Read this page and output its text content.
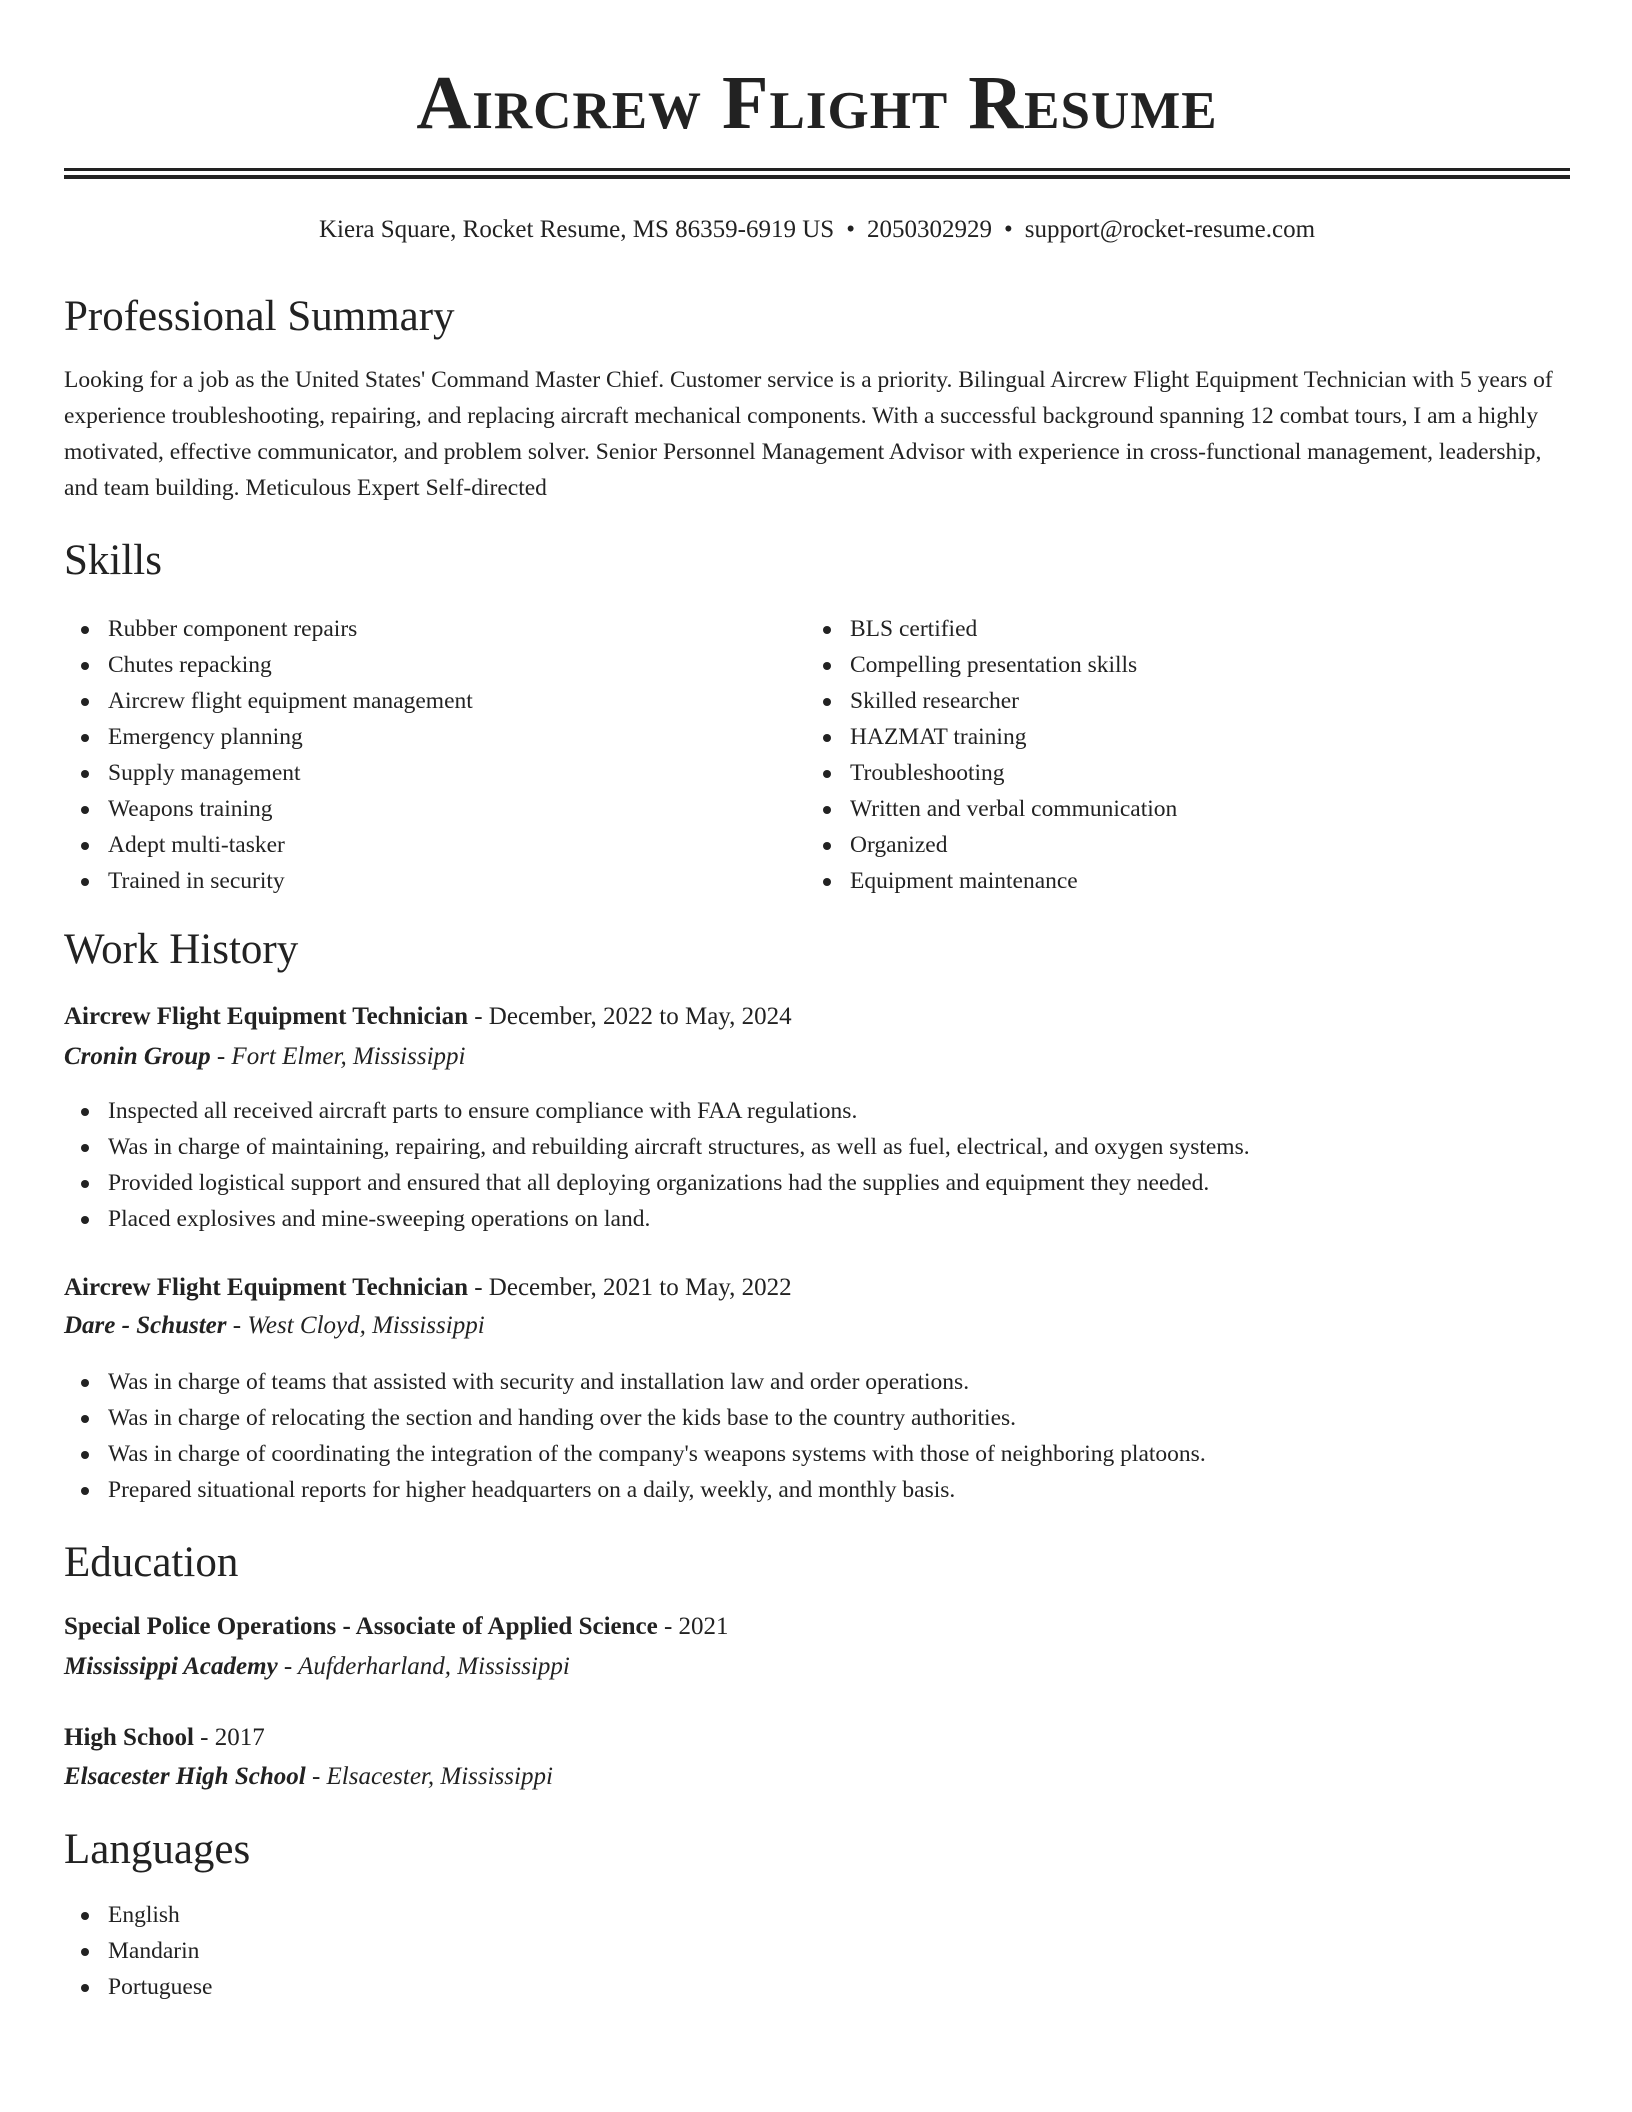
Aircrew Flight Resume
Kiera Square, Rocket Resume, MS 86359-6919 US • 2050302929 • support@rocket-resume.com
Professional Summary

Looking for a job as the United States' Command Master Chief. Customer service is a priority. Bilingual Aircrew Flight Equipment Technician with 5 years of experience troubleshooting, repairing, and replacing aircraft mechanical components. With a successful background spanning 12 combat tours, I am a highly motivated, effective communicator, and problem solver. Senior Personnel Management Advisor with experience in cross-functional management, leadership, and team building. Meticulous Expert Self-directed

Skills
Rubber component repairs
Chutes repacking
Aircrew flight equipment management
Emergency planning
Supply management
Weapons training
Adept multi-tasker
Trained in security
BLS certified
Compelling presentation skills
Skilled researcher
HAZMAT training
Troubleshooting
Written and verbal communication
Organized
Equipment maintenance
Work History
Aircrew Flight Equipment Technician - December, 2022 to May, 2024
Cronin Group - Fort Elmer, Mississippi
Inspected all received aircraft parts to ensure compliance with FAA regulations.
Was in charge of maintaining, repairing, and rebuilding aircraft structures, as well as fuel, electrical, and oxygen systems.
Provided logistical support and ensured that all deploying organizations had the supplies and equipment they needed.
Placed explosives and mine-sweeping operations on land.
Aircrew Flight Equipment Technician - December, 2021 to May, 2022
Dare - Schuster - West Cloyd, Mississippi
Was in charge of teams that assisted with security and installation law and order operations.
Was in charge of relocating the section and handing over the kids base to the country authorities.
Was in charge of coordinating the integration of the company's weapons systems with those of neighboring platoons.
Prepared situational reports for higher headquarters on a daily, weekly, and monthly basis.
Education
Special Police Operations - Associate of Applied Science - 2021
Mississippi Academy - Aufderharland, Mississippi
High School - 2017
Elsacester High School - Elsacester, Mississippi
Languages
English
Mandarin
Portuguese
